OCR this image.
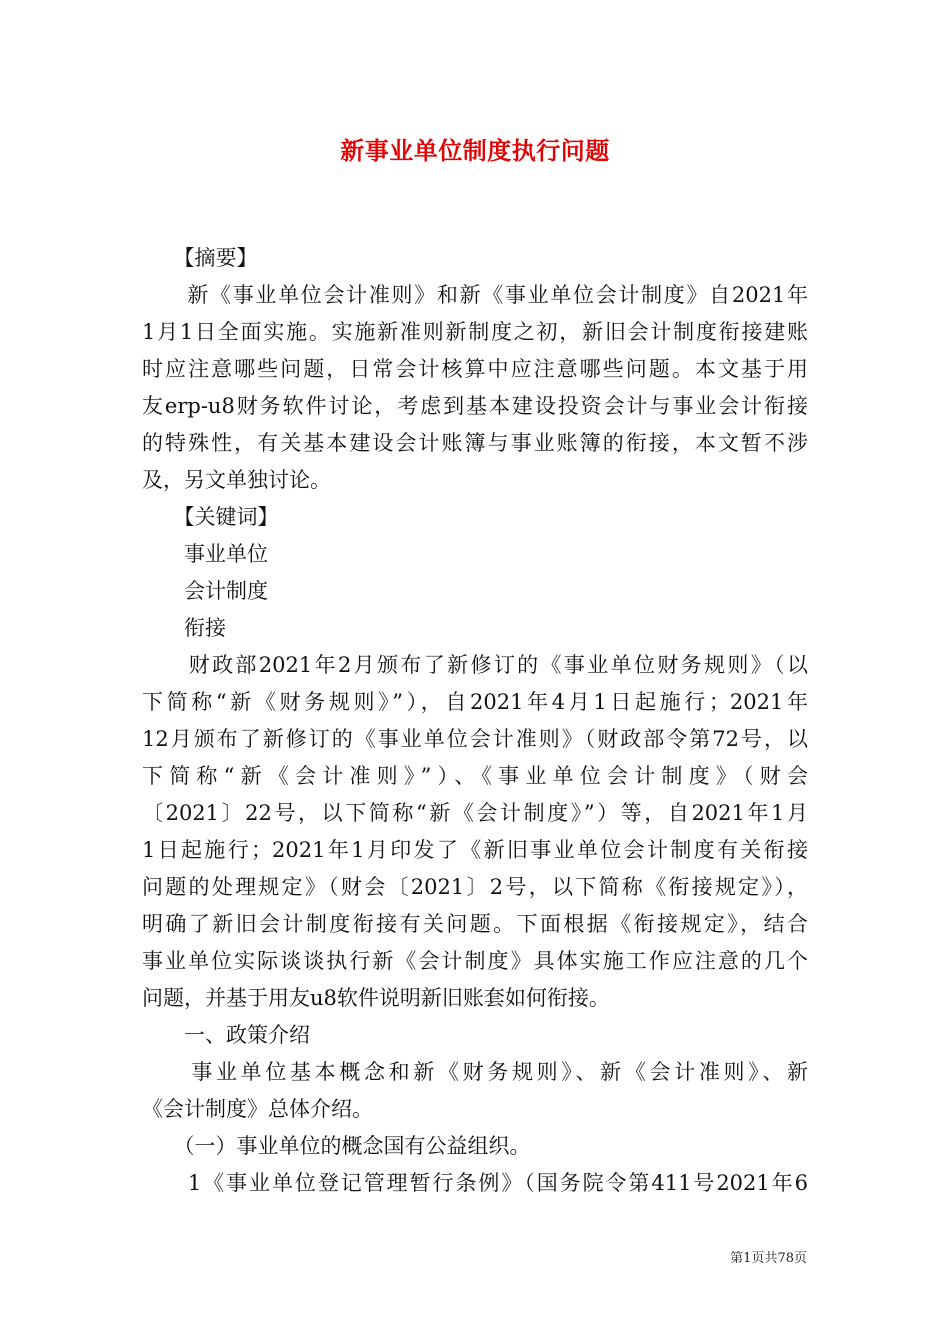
新事业单位制度执行问题
　　【摘要】
　　新《事业单位会计准则》和新《事业单位会计制度》自2021年
1月1日全面实施。实施新准则新制度之初，新旧会计制度衔接建账
时应注意哪些问题，日常会计核算中应注意哪些问题。本文基于用
友erp-u8财务软件讨论，考虑到基本建设投资会计与事业会计衔接
的特殊性，有关基本建设会计账簿与事业账簿的衔接，本文暂不涉
及，另文单独讨论。
　　【关键词】
　　事业单位
　　会计制度
　　衔接
　　财政部2021年2月颁布了新修订的《事业单位财务规则》（以
下简称“新《财务规则》”），自2021年4月1日起施行；2021年
12月颁布了新修订的《事业单位会计准则》（财政部令第72号，以
下简称“新《会计准则》”）、《事业单位会计制度》（财会
〔2021〕22号，以下简称“新《会计制度》”）等，自2021年1月
1日起施行；2021年1月印发了《新旧事业单位会计制度有关衔接
问题的处理规定》（财会〔2021〕2号，以下简称《衔接规定》），
明确了新旧会计制度衔接有关问题。下面根据《衔接规定》，结合
事业单位实际谈谈执行新《会计制度》具体实施工作应注意的几个
问题，并基于用友u8软件说明新旧账套如何衔接。
　　一、政策介绍
　　事业单位基本概念和新《财务规则》、新《会计准则》、新
《会计制度》总体介绍。
　　（一）事业单位的概念国有公益组织。
　　1《事业单位登记管理暂行条例》（国务院令第411号2021年6
第1页共78页
